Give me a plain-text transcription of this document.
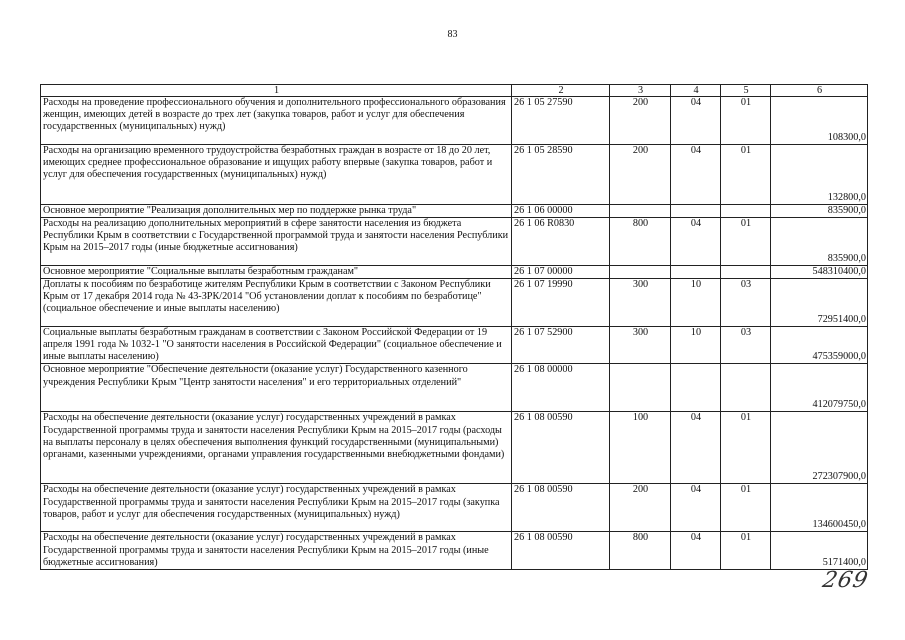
83
1	2	3	4	5	6
Расходы на проведение профессионального обучения и дополнительного профессионального образования женщин, имеющих детей в возрасте до трех лет (закупка товаров, работ и услуг для обеспечения государственных (муниципальных) нужд)	26 1 05 27590	200	04	01	108300,0
Расходы на организацию временного трудоустройства безработных граждан в возрасте от 18 до 20 лет, имеющих среднее профессиональное образование и ищущих работу впервые (закупка товаров, работ и услуг для обеспечения государственных (муниципальных) нужд)	26 1 05 28590	200	04	01	132800,0
Основное мероприятие "Реализация дополнительных мер по поддержке рынка труда"	26 1 06 00000				835900,0
Расходы на реализацию дополнительных мероприятий в сфере занятости населения из бюджета Республики Крым в соответствии с Государственной программой труда и занятости населения Республики Крым на 2015–2017 годы (иные бюджетные ассигнования)	26 1 06 R0830	800	04	01	835900,0
Основное мероприятие "Социальные выплаты безработным гражданам"	26 1 07 00000				548310400,0
Доплаты к пособиям по безработице жителям Республики Крым в соответствии с Законом Республики Крым от 17 декабря 2014 года № 43-ЗРК/2014 "Об установлении доплат к пособиям по безработице" (социальное обеспечение и иные выплаты населению)	26 1 07 19990	300	10	03	72951400,0
Социальные выплаты безработным гражданам в соответствии с Законом Российской Федерации от 19 апреля 1991 года № 1032-1 "О занятости населения в Российской Федерации" (социальное обеспечение и иные выплаты населению)	26 1 07 52900	300	10	03	475359000,0
Основное мероприятие "Обеспечение деятельности (оказание услуг) Государственного казенного учреждения Республики Крым "Центр занятости населения" и его территориальных отделений"	26 1 08 00000				412079750,0
Расходы на обеспечение деятельности (оказание услуг) государственных учреждений в рамках Государственной программы труда и занятости населения Республики Крым на 2015–2017 годы (расходы на выплаты персоналу в целях обеспечения выполнения функций государственными (муниципальными) органами, казенными учреждениями, органами управления государственными внебюджетными фондами)	26 1 08 00590	100	04	01	272307900,0
Расходы на обеспечение деятельности (оказание услуг) государственных учреждений в рамках Государственной программы труда и занятости населения Республики Крым на 2015–2017 годы (закупка товаров, работ и услуг для обеспечения государственных (муниципальных) нужд)	26 1 08 00590	200	04	01	134600450,0
Расходы на обеспечение деятельности (оказание услуг) государственных учреждений в рамках Государственной программы труда и занятости населения Республики Крым на 2015–2017 годы (иные бюджетные ассигнования)	26 1 08 00590	800	04	01	5171400,0
269
